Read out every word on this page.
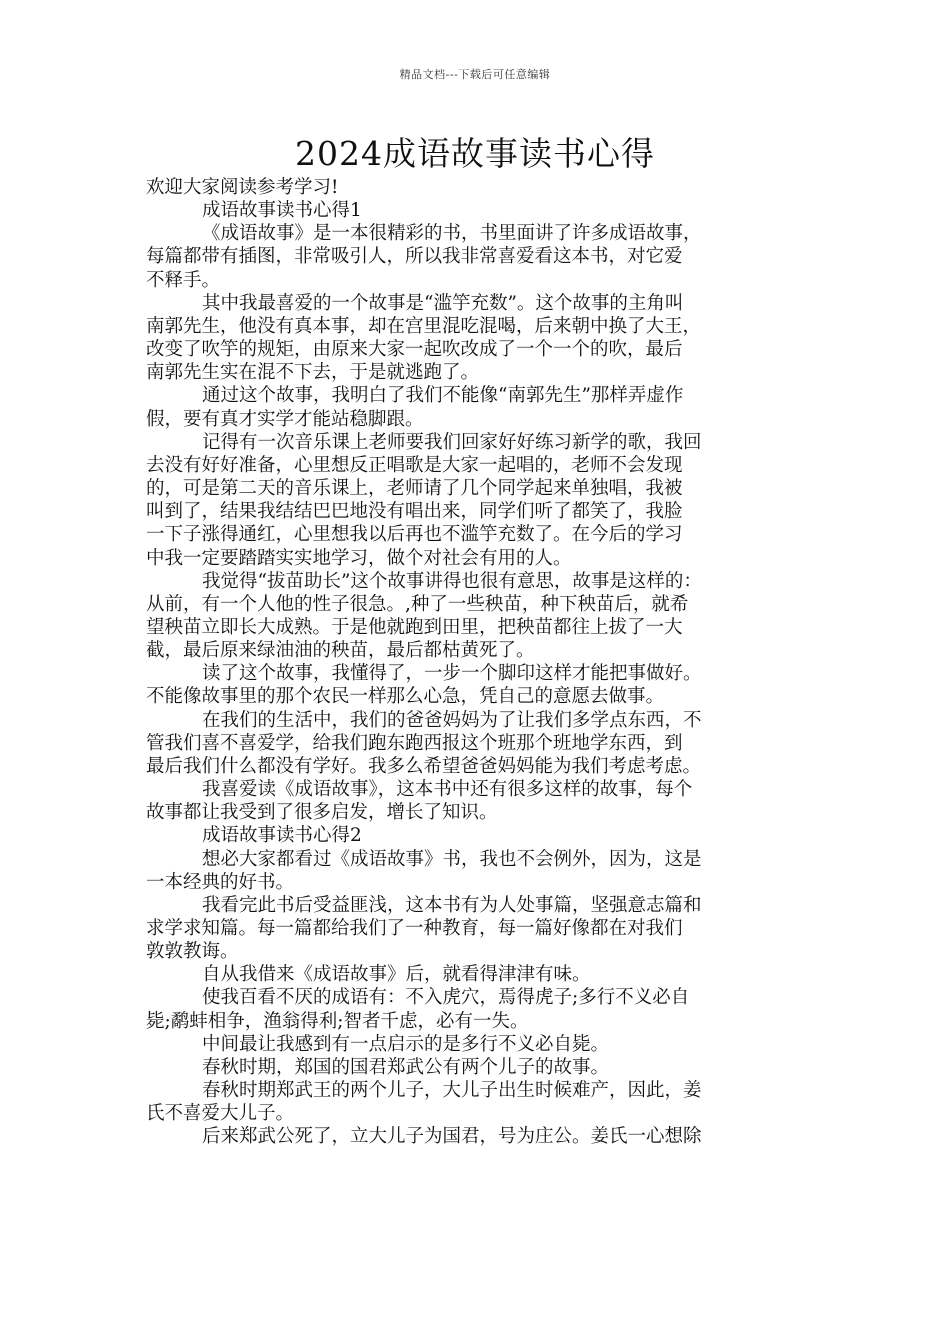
精品文档---下载后可任意编辑
2024成语故事读书心得
欢迎大家阅读参考学习!
成语故事读书心得1
《成语故事》是一本很精彩的书，书里面讲了许多成语故事，
每篇都带有插图，非常吸引人，所以我非常喜爱看这本书，对它爱
不释手。
其中我最喜爱的一个故事是“滥竽充数”。这个故事的主角叫
南郭先生，他没有真本事，却在宫里混吃混喝，后来朝中换了大王，
改变了吹竽的规矩，由原来大家一起吹改成了一个一个的吹，最后
南郭先生实在混不下去，于是就逃跑了。
通过这个故事，我明白了我们不能像“南郭先生”那样弄虚作
假，要有真才实学才能站稳脚跟。
记得有一次音乐课上老师要我们回家好好练习新学的歌，我回
去没有好好准备，心里想反正唱歌是大家一起唱的，老师不会发现
的，可是第二天的音乐课上，老师请了几个同学起来单独唱，我被
叫到了，结果我结结巴巴地没有唱出来，同学们听了都笑了，我脸
一下子涨得通红，心里想我以后再也不滥竽充数了。在今后的学习
中我一定要踏踏实实地学习，做个对社会有用的人。
我觉得“拔苗助长”这个故事讲得也很有意思，故事是这样的：
从前，有一个人他的性子很急。,种了一些秧苗，种下秧苗后，就希
望秧苗立即长大成熟。于是他就跑到田里，把秧苗都往上拔了一大
截，最后原来绿油油的秧苗，最后都枯黄死了。
读了这个故事，我懂得了，一步一个脚印这样才能把事做好。
不能像故事里的那个农民一样那么心急，凭自己的意愿去做事。
在我们的生活中，我们的爸爸妈妈为了让我们多学点东西，不
管我们喜不喜爱学，给我们跑东跑西报这个班那个班地学东西，到
最后我们什么都没有学好。我多么希望爸爸妈妈能为我们考虑考虑。
我喜爱读《成语故事》，这本书中还有很多这样的故事，每个
故事都让我受到了很多启发，增长了知识。
成语故事读书心得2
想必大家都看过《成语故事》书，我也不会例外，因为，这是
一本经典的好书。
我看完此书后受益匪浅，这本书有为人处事篇，坚强意志篇和
求学求知篇。每一篇都给我们了一种教育，每一篇好像都在对我们
敦敦教诲。
自从我借来《成语故事》后，就看得津津有味。
使我百看不厌的成语有：不入虎穴，焉得虎子;多行不义必自
毙;鹬蚌相争，渔翁得利;智者千虑，必有一失。
中间最让我感到有一点启示的是多行不义必自毙。
春秋时期，郑国的国君郑武公有两个儿子的故事。
春秋时期郑武王的两个儿子，大儿子出生时候难产，因此，姜
氏不喜爱大儿子。
后来郑武公死了，立大儿子为国君，号为庄公。姜氏一心想除
